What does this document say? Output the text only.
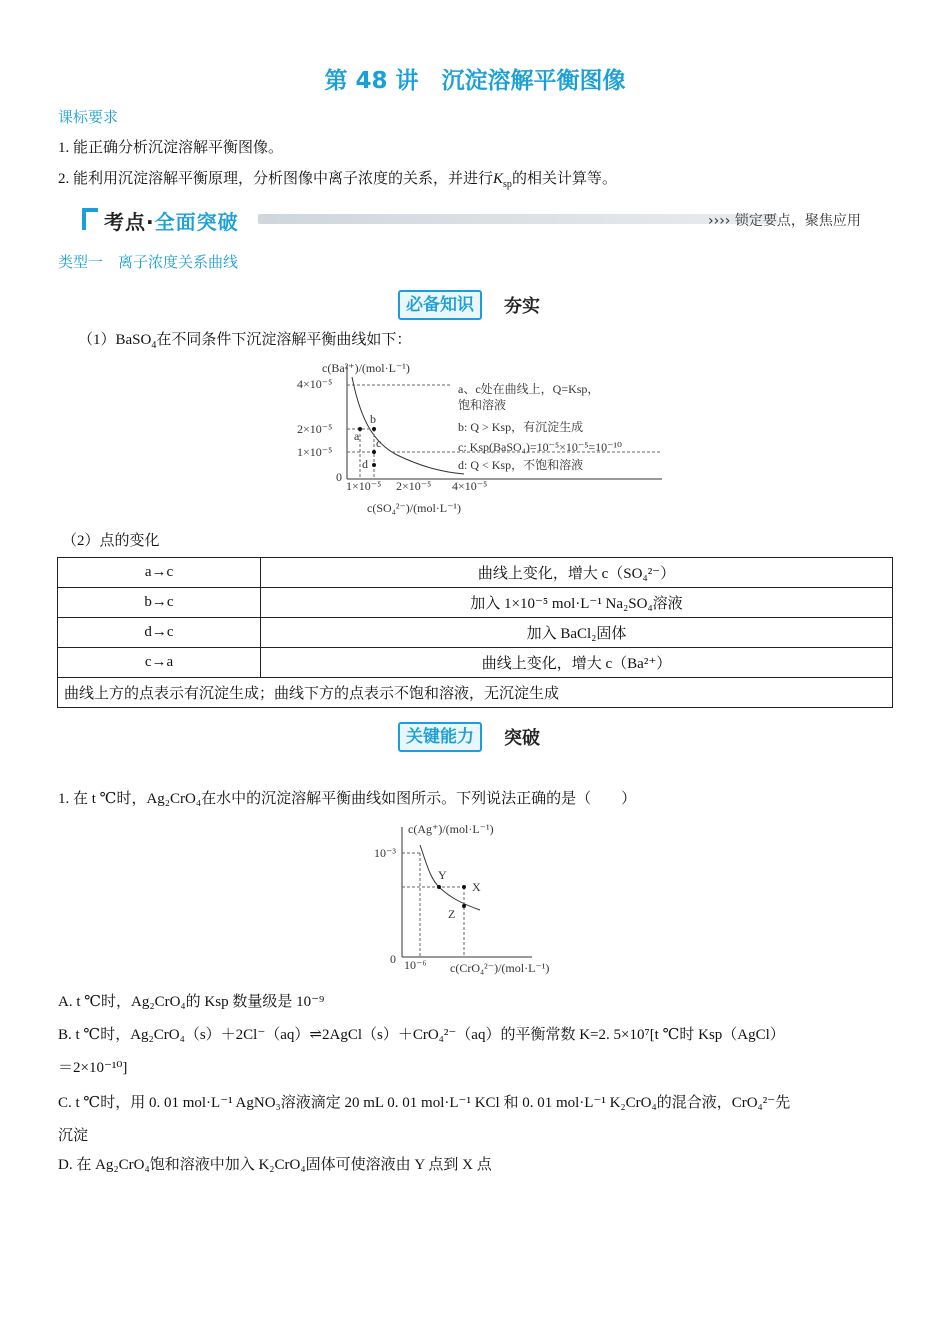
第 48 讲　沉淀溶解平衡图像
课标要求
1. 能正确分析沉淀溶解平衡图像。
2. 能利用沉淀溶解平衡原理，分析图像中离子浓度的关系，并进行$K_{sp}$的相关计算等。
考点·全面突破	›››› 锁定要点，聚焦应用
类型一　离子浓度关系曲线
必备知识	夯实
（1）BaSO$_4$在不同条件下沉淀溶解平衡曲线如下：
c(Ba²⁺)/(mol·L⁻¹)
4×10⁻⁵
2×10⁻⁵
1×10⁻⁵
0
1×10⁻⁵ 2×10⁻⁵ 4×10⁻⁵
c(SO₄²⁻)/(mol·L⁻¹)
a
b
c
d
a、c处在曲线上，Q=Ksp，
饱和溶液
b: Q > Ksp，有沉淀生成
c: Ksp(BaSO₄)=10⁻⁵×10⁻⁵=10⁻¹⁰
d: Q < Ksp，不饱和溶液
（2）点的变化
a→c	曲线上变化，增大 c（SO₄²⁻）
b→c	加入 1×10⁻⁵ mol·L⁻¹ Na₂SO₄溶液
d→c	加入 BaCl₂固体
c→a	曲线上变化，增大 c（Ba²⁺）
曲线上方的点表示有沉淀生成；曲线下方的点表示不饱和溶液，无沉淀生成	
关键能力	突破
1. 在 t ℃时，Ag₂CrO₄在水中的沉淀溶解平衡曲线如图所示。下列说法正确的是（　　）
c(Ag⁺)/(mol·L⁻¹)
10⁻³
0 10⁻⁶ c(CrO₄²⁻)/(mol·L⁻¹)
Y
X
Z
A. t ℃时，Ag₂CrO₄的 Ksp 数量级是 10⁻⁹
B. t ℃时，Ag₂CrO₄（s）＋2Cl⁻（aq）⇌2AgCl（s）＋CrO₄²⁻（aq）的平衡常数 K=2. 5×10⁷[t ℃时 Ksp（AgCl）
＝2×10⁻¹⁰]
C. t ℃时，用 0. 01 mol·L⁻¹ AgNO₃溶液滴定 20 mL 0. 01 mol·L⁻¹ KCl 和 0. 01 mol·L⁻¹ K₂CrO₄的混合液，CrO₄²⁻先
沉淀
D. 在 Ag₂CrO₄饱和溶液中加入 K₂CrO₄固体可使溶液由 Y 点到 X 点
